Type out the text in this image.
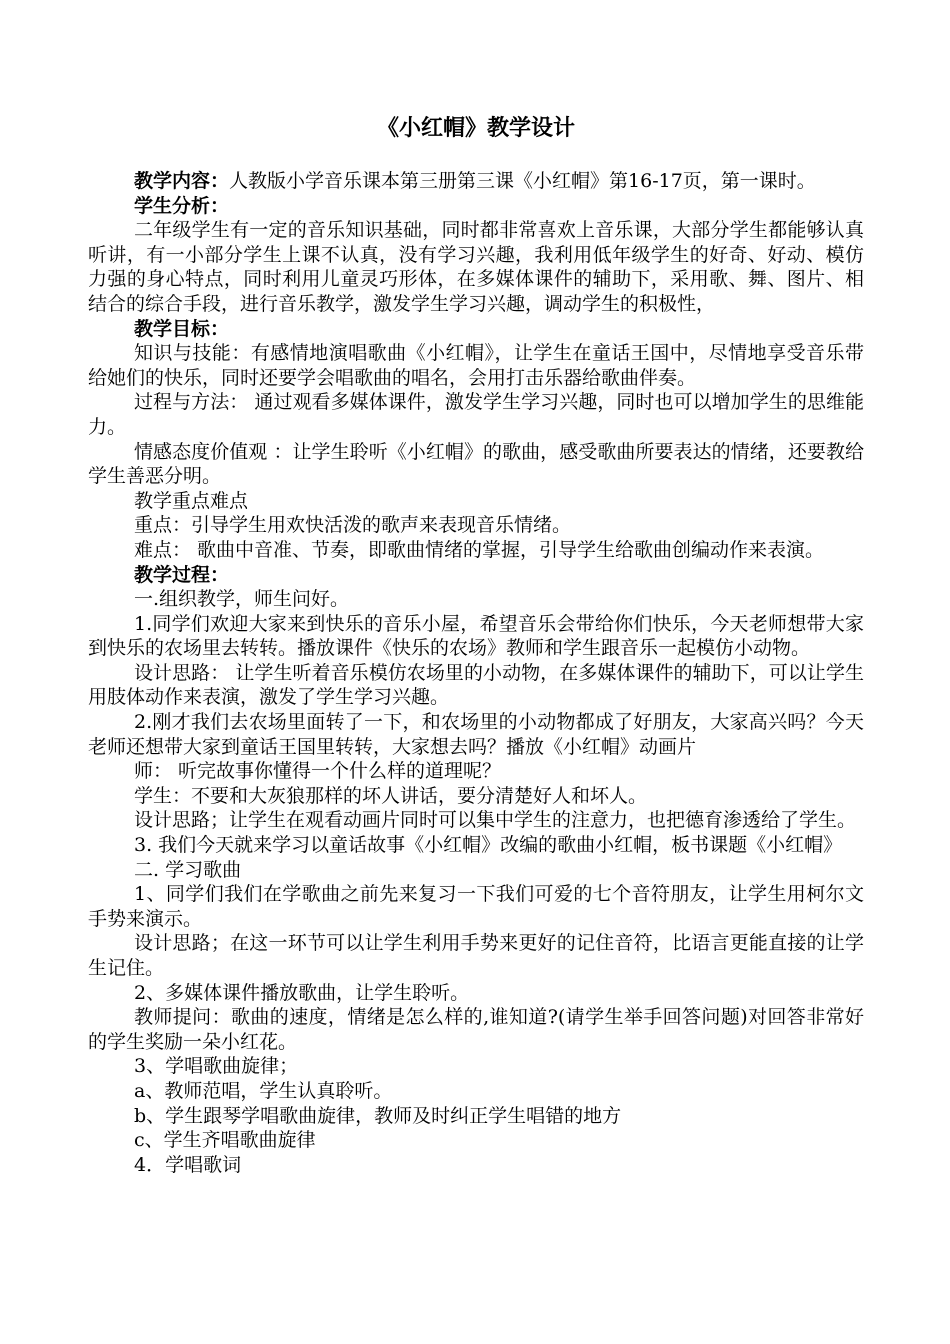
《小红帽》教学设计

教学内容：人教版小学音乐课本第三册第三课《小红帽》第16-17页，第一课时。

学生分析：

二年级学生有一定的音乐知识基础，同时都非常喜欢上音乐课，大部分学生都能够认真听讲，有一小部分学生上课不认真，没有学习兴趣，我利用低年级学生的好奇、好动、模仿力强的身心特点，同时利用儿童灵巧形体，在多媒体课件的辅助下，采用歌、舞、图片、相结合的综合手段，进行音乐教学，激发学生学习兴趣，调动学生的积极性，

教学目标：

知识与技能：有感情地演唱歌曲《小红帽》，让学生在童话王国中，尽情地享受音乐带给她们的快乐，同时还要学会唱歌曲的唱名，会用打击乐器给歌曲伴奏。

过程与方法： 通过观看多媒体课件，激发学生学习兴趣，同时也可以增加学生的思维能力。

情感态度价值观 ：让学生聆听《小红帽》的歌曲，感受歌曲所要表达的情绪，还要教给学生善恶分明。

教学重点难点

重点：引导学生用欢快活泼的歌声来表现音乐情绪。

难点： 歌曲中音准、节奏，即歌曲情绪的掌握，引导学生给歌曲创编动作来表演。

教学过程：

一.组织教学，师生问好。

1.同学们欢迎大家来到快乐的音乐小屋，希望音乐会带给你们快乐，今天老师想带大家到快乐的农场里去转转。播放课件《快乐的农场》教师和学生跟音乐一起模仿小动物。

设计思路： 让学生听着音乐模仿农场里的小动物，在多媒体课件的辅助下，可以让学生用肢体动作来表演，激发了学生学习兴趣。

2.刚才我们去农场里面转了一下，和农场里的小动物都成了好朋友，大家高兴吗？今天老师还想带大家到童话王国里转转，大家想去吗？播放《小红帽》动画片

师： 听完故事你懂得一个什么样的道理呢？

学生：不要和大灰狼那样的坏人讲话，要分清楚好人和坏人。

设计思路；让学生在观看动画片同时可以集中学生的注意力，也把德育渗透给了学生。

3. 我们今天就来学习以童话故事《小红帽》改编的歌曲小红帽，板书课题《小红帽》

二. 学习歌曲

1、同学们我们在学歌曲之前先来复习一下我们可爱的七个音符朋友，让学生用柯尔文手势来演示。

设计思路；在这一环节可以让学生利用手势来更好的记住音符，比语言更能直接的让学生记住。

2、多媒体课件播放歌曲，让学生聆听。

教师提问：歌曲的速度，情绪是怎么样的,谁知道?(请学生举手回答问题)对回答非常好的学生奖励一朵小红花。

3、学唱歌曲旋律；

a、教师范唱，学生认真聆听。

b、学生跟琴学唱歌曲旋律，教师及时纠正学生唱错的地方

c、学生齐唱歌曲旋律

4．学唱歌词
